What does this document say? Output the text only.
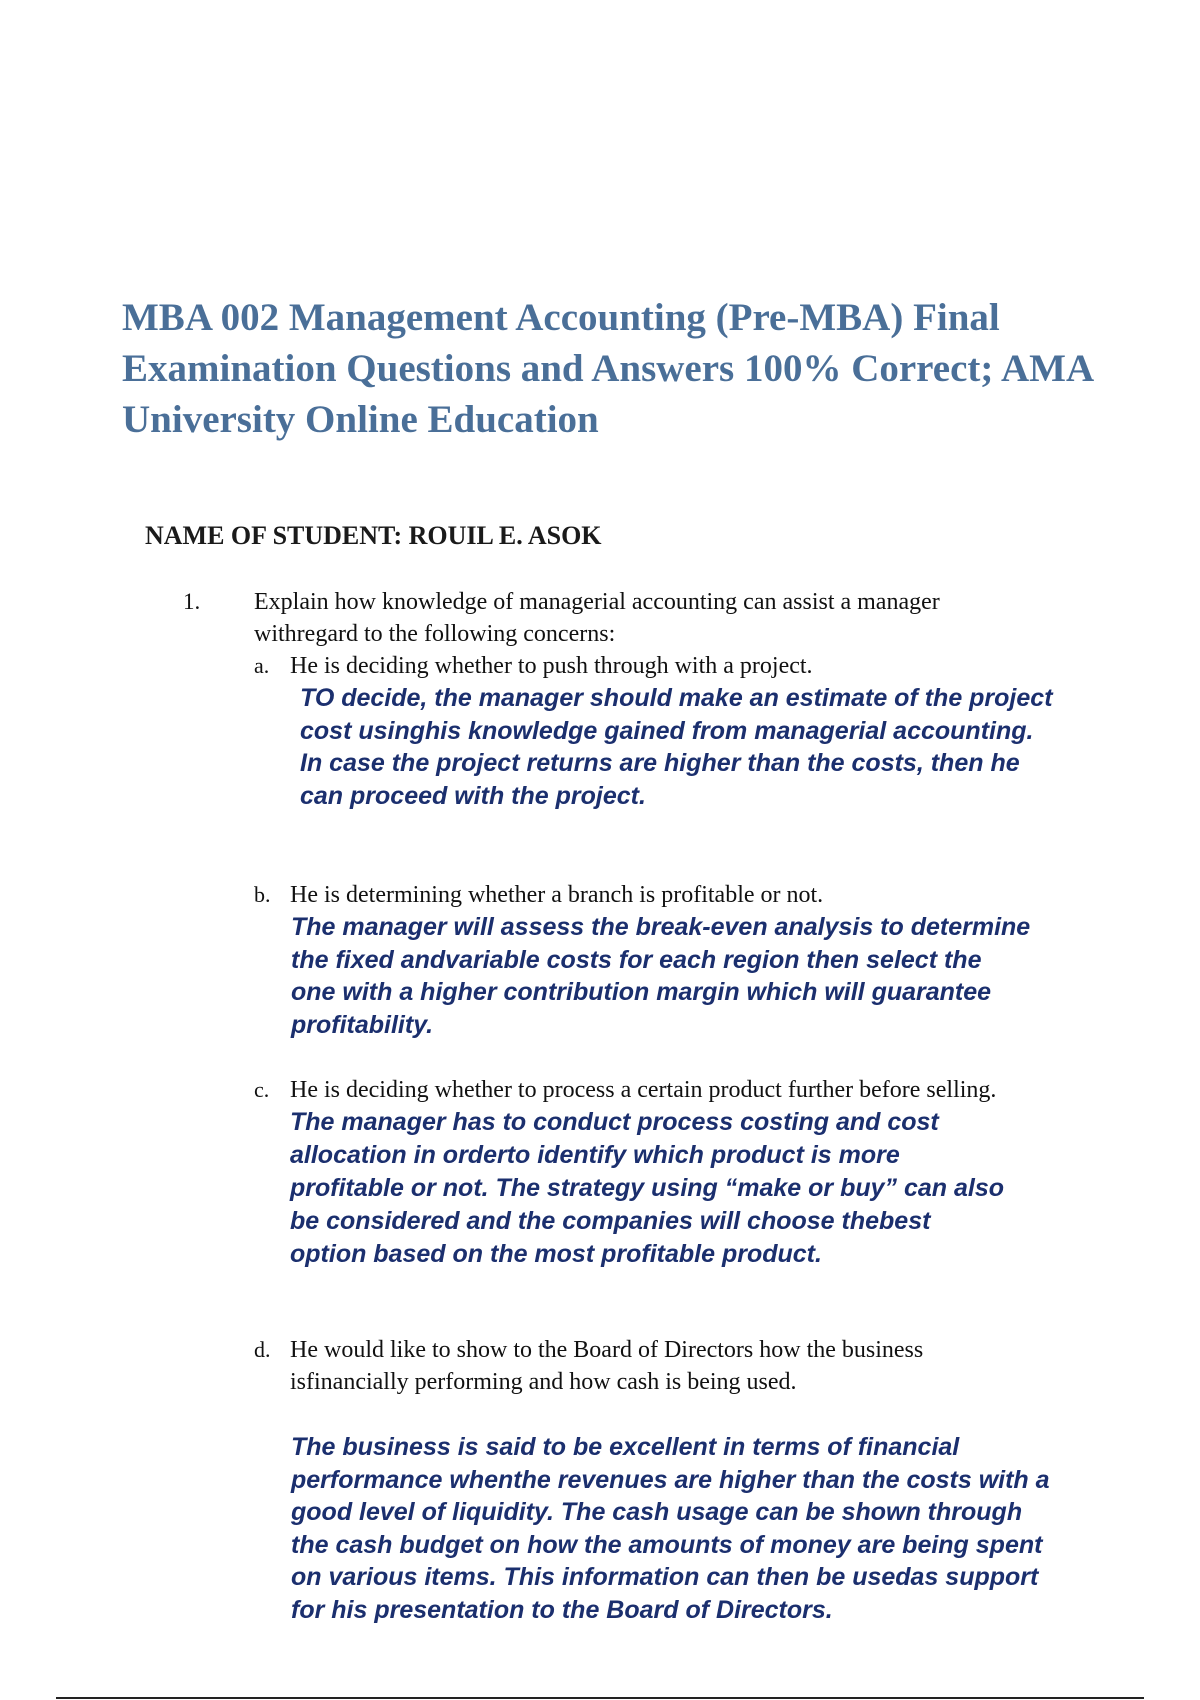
MBA 002 Management Accounting (Pre-MBA) Final Examination Questions and Answers 100% Correct; AMA University Online Education
NAME OF STUDENT: ROUIL E. ASOK
1. Explain how knowledge of managerial accounting can assist a manager withregard to the following concerns:
a. He is deciding whether to push through with a project.
TO decide, the manager should make an estimate of the project cost usinghis knowledge gained from managerial accounting. In case the project returns are higher than the costs, then he can proceed with the project.
b. He is determining whether a branch is profitable or not.
The manager will assess the break-even analysis to determine the fixed andvariable costs for each region then select the one with a higher contribution margin which will guarantee profitability.
c. He is deciding whether to process a certain product further before selling. The manager has to conduct process costing and cost allocation in orderto identify which product is more profitable or not. The strategy using “make or buy” can also be considered and the companies will choose thebest option based on the most profitable product.
d. He would like to show to the Board of Directors how the business isfinancially performing and how cash is being used.
The business is said to be excellent in terms of financial performance whenthe revenues are higher than the costs with a good level of liquidity. The cash usage can be shown through the cash budget on how the amounts of money are being spent on various items. This information can then be usedas support for his presentation to the Board of Directors.
